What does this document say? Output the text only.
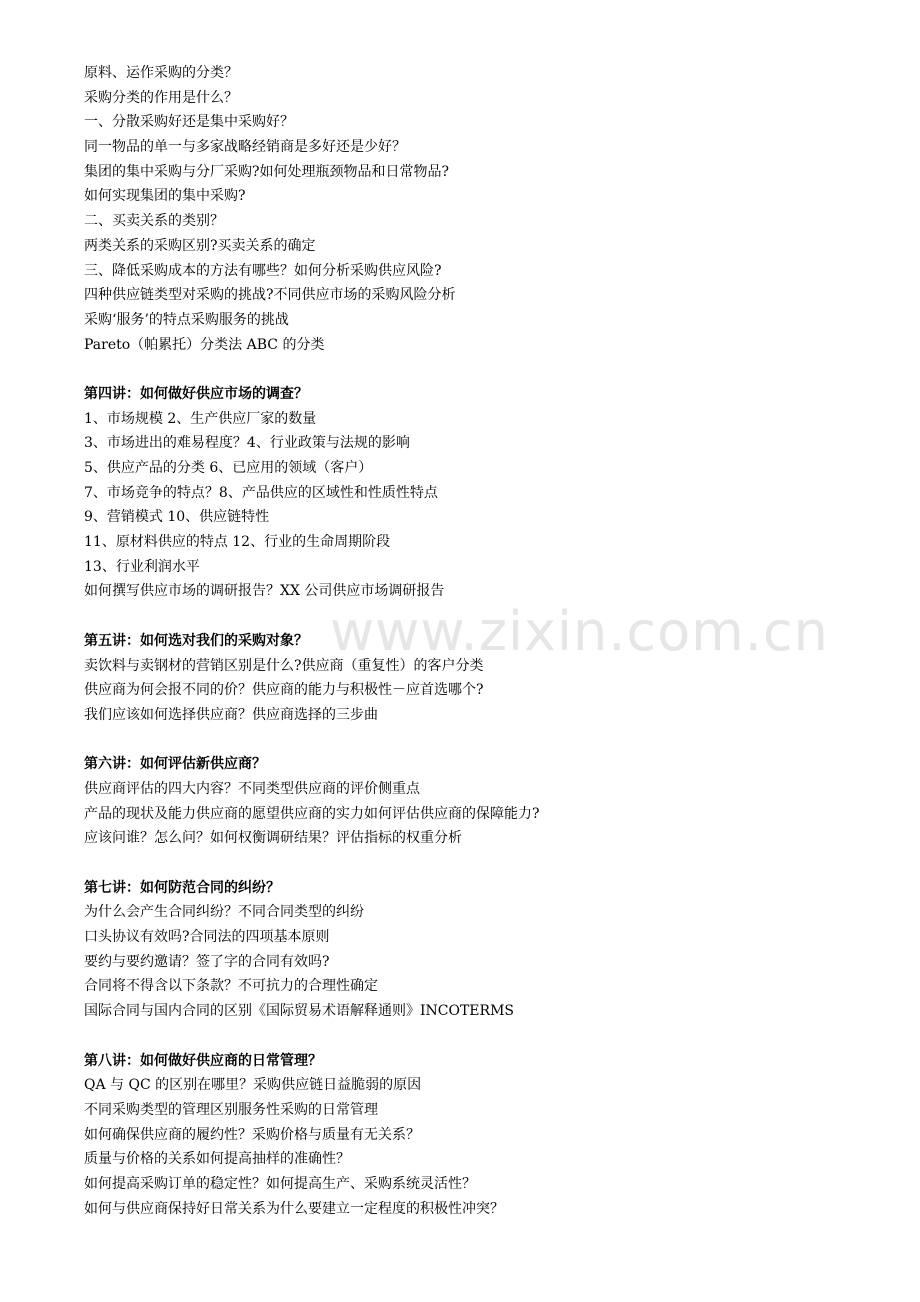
www.zixin.com.cn
原料、运作采购的分类？
采购分类的作用是什么？
一、分散采购好还是集中采购好？
同一物品的单一与多家战略经销商是多好还是少好？
集团的集中采购与分厂采购?如何处理瓶颈物品和日常物品?
如何实现集团的集中采购?
二、买卖关系的类别？
两类关系的采购区别?买卖关系的确定
三、降低采购成本的方法有哪些？如何分析采购供应风险?
四种供应链类型对采购的挑战?不同供应市场的采购风险分析
采购‘服务’的特点采购服务的挑战
Pareto（帕累托）分类法 ABC 的分类
第四讲：如何做好供应市场的调查？
1、市场规模 2、生产供应厂家的数量
3、市场进出的难易程度？4、行业政策与法规的影响
5、供应产品的分类 6、已应用的领域（客户）
7、市场竞争的特点？8、产品供应的区域性和性质性特点
9、营销模式 10、供应链特性
11、原材料供应的特点 12、行业的生命周期阶段
13、行业利润水平
如何撰写供应市场的调研报告？XX 公司供应市场调研报告
第五讲：如何选对我们的采购对象？
卖饮料与卖钢材的营销区别是什么?供应商（重复性）的客户分类
供应商为何会报不同的价？供应商的能力与积极性－应首选哪个?
我们应该如何选择供应商？供应商选择的三步曲
第六讲：如何评估新供应商？
供应商评估的四大内容？不同类型供应商的评价侧重点
产品的现状及能力供应商的愿望供应商的实力如何评估供应商的保障能力?
应该问谁？怎么问？如何权衡调研结果？评估指标的权重分析
第七讲：如何防范合同的纠纷？
为什么会产生合同纠纷？不同合同类型的纠纷
口头协议有效吗?合同法的四项基本原则
要约与要约邀请？签了字的合同有效吗?
合同将不得含以下条款？不可抗力的合理性确定
国际合同与国内合同的区别《国际贸易术语解释通则》INCOTERMS
第八讲：如何做好供应商的日常管理？
QA 与 QC 的区别在哪里？采购供应链日益脆弱的原因
不同采购类型的管理区别服务性采购的日常管理
如何确保供应商的履约性？采购价格与质量有无关系？
质量与价格的关系如何提高抽样的准确性？
如何提高采购订单的稳定性？如何提高生产、采购系统灵活性？
如何与供应商保持好日常关系为什么要建立一定程度的积极性冲突？
